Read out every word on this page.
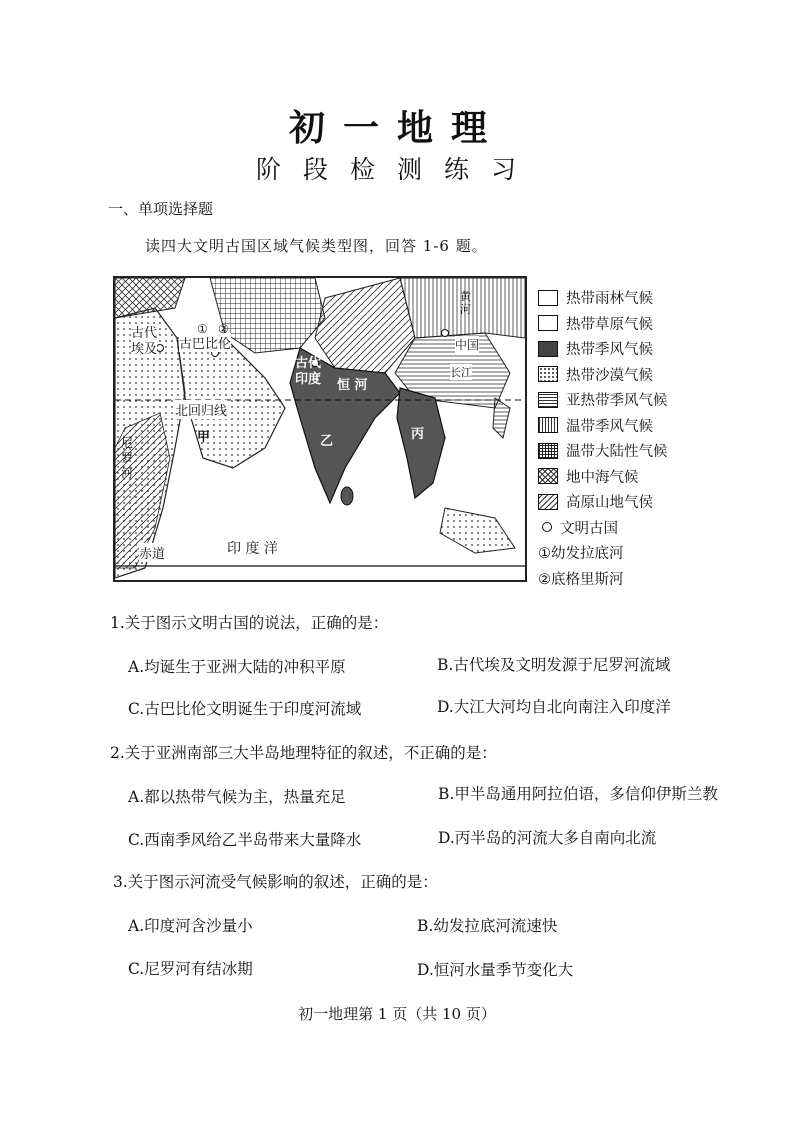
初一地理
阶段检测练习
一、单项选择题
读四大文明古国区域气候类型图，回答 1-6 题。
古代
埃及 古巴比伦
① ②
北回归线
甲
尼
罗
河
古代
印度 恒 河
乙	丙
中国
黄
河
长江
赤道	印 度 洋
热带雨林气候
热带草原气候
热带季风气候
热带沙漠气候
亚热带季风气候
温带季风气候
温带大陆性气候
地中海气候
高原山地气侯
文明古国
①幼发拉底河
②底格里斯河
1.关于图示文明古国的说法，正确的是：
A.均诞生于亚洲大陆的冲积平原	B.古代埃及文明发源于尼罗河流域
C.古巴比伦文明诞生于印度河流域	D.大江大河均自北向南注入印度洋
2.关于亚洲南部三大半岛地理特征的叙述，不正确的是：
A.都以热带气候为主，热量充足	B.甲半岛通用阿拉伯语，多信仰伊斯兰教
C.西南季风给乙半岛带来大量降水	D.丙半岛的河流大多自南向北流
3.关于图示河流受气候影响的叙述，正确的是：
A.印度河含沙量小	B.幼发拉底河流速快
C.尼罗河有结冰期	D.恒河水量季节变化大
初一地理第 1 页（共 10 页）
